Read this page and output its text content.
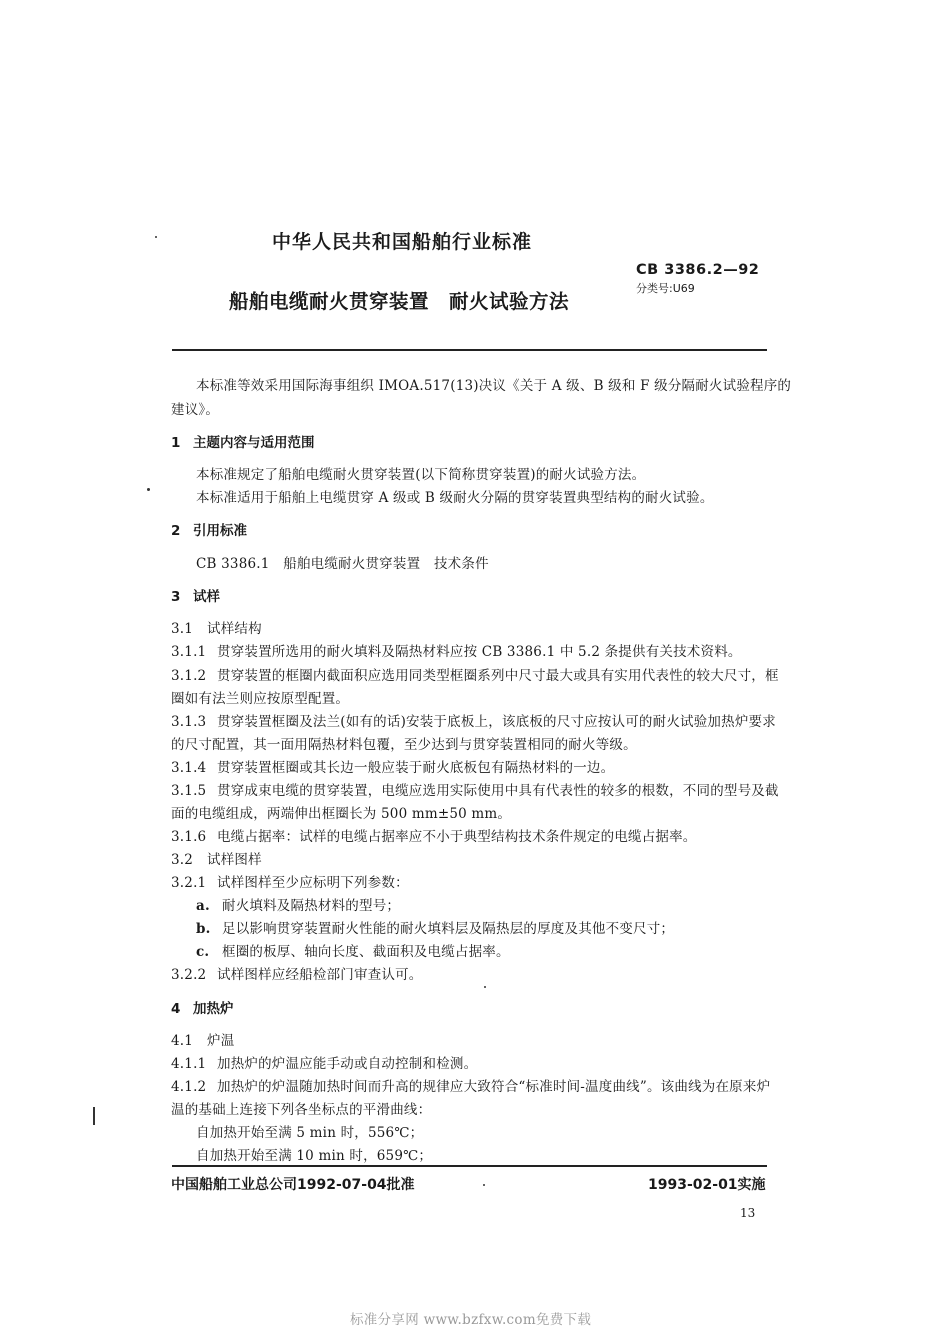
中华人民共和国船舶行业标准
船舶电缆耐火贯穿装置　耐火试验方法
CB 3386.2—92
分类号:U69
本标准等效采用国际海事组织 IMOA.517(13)决议《关于 A 级、B 级和 F 级分隔耐火试验程序的
建议》。
1 主题内容与适用范围
本标准规定了船舶电缆耐火贯穿装置(以下简称贯穿装置)的耐火试验方法。
本标准适用于船舶上电缆贯穿 A 级或 B 级耐火分隔的贯穿装置典型结构的耐火试验。
2 引用标准
CB 3386.1　船舶电缆耐火贯穿装置　技术条件
3 试样
3.1 试样结构
3.1.1 贯穿装置所选用的耐火填料及隔热材料应按 CB 3386.1 中 5.2 条提供有关技术资料。
3.1.2 贯穿装置的框圈内截面积应选用同类型框圈系列中尺寸最大或具有实用代表性的较大尺寸，框
圈如有法兰则应按原型配置。
3.1.3 贯穿装置框圈及法兰(如有的话)安装于底板上，该底板的尺寸应按认可的耐火试验加热炉要求
的尺寸配置，其一面用隔热材料包覆，至少达到与贯穿装置相同的耐火等级。
3.1.4 贯穿装置框圈或其长边一般应装于耐火底板包有隔热材料的一边。
3.1.5 贯穿成束电缆的贯穿装置，电缆应选用实际使用中具有代表性的较多的根数，不同的型号及截
面的电缆组成，两端伸出框圈长为 500 mm±50 mm。
3.1.6 电缆占据率：试样的电缆占据率应不小于典型结构技术条件规定的电缆占据率。
3.2 试样图样
3.2.1 试样图样至少应标明下列参数：
a. 耐火填料及隔热材料的型号；
b. 足以影响贯穿装置耐火性能的耐火填料层及隔热层的厚度及其他不变尺寸；
c. 框圈的板厚、轴向长度、截面积及电缆占据率。
3.2.2 试样图样应经船检部门审查认可。
4 加热炉
4.1 炉温
4.1.1 加热炉的炉温应能手动或自动控制和检测。
4.1.2 加热炉的炉温随加热时间而升高的规律应大致符合“标准时间-温度曲线”。该曲线为在原来炉
温的基础上连接下列各坐标点的平滑曲线：
自加热开始至满 5 min 时，556℃；
自加热开始至满 10 min 时，659℃；
中国船舶工业总公司1992-07-04批准	1993-02-01实施
13
标准分享网 www.bzfxw.com免费下载
